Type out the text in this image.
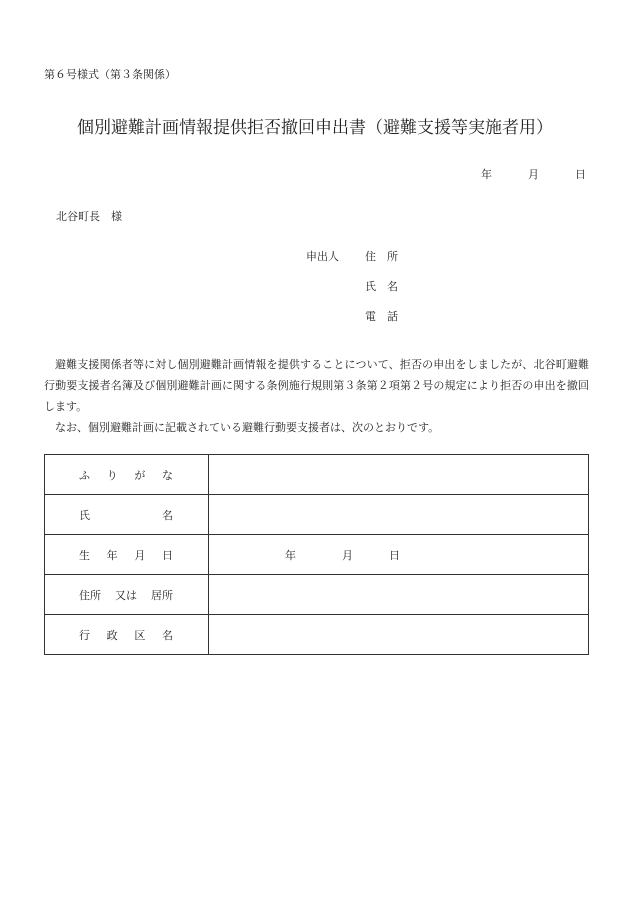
第６号様式（第３条関係）
個別避難計画情報提供拒否撤回申出書（避難支援等実施者用）
年	月	日
北谷町長　様
申出人 住　所
氏　名
電　話

避難支援関係者等に対し個別避難計画情報を提供することについて、拒否の申出をしましたが、北谷町避難行動要支援者名簿及び個別避難計画に関する条例施行規則第３条第２項第２号の規定により拒否の申出を撤回します。

なお、個別避難計画に記載されている避難行動要支援者は、次のとおりです。

ふ り が な	

氏 名	

生 年 月 日	年 月 日

住所 又は 居所	

行 政 区 名	
